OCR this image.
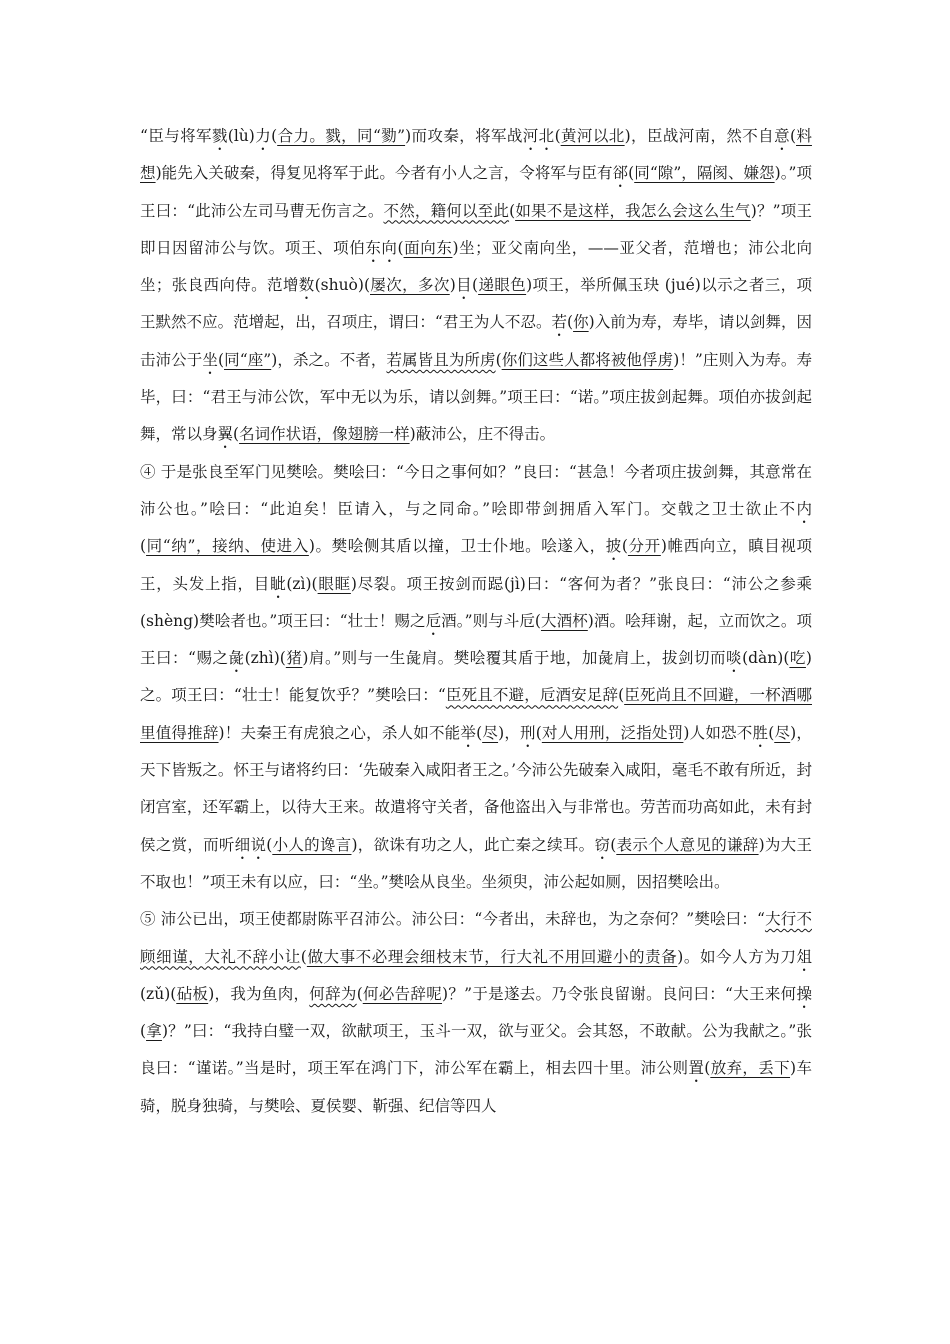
“臣与将军戮(lù)力(合力。戮，同“勠”)而攻秦，将军战河北(黄河以北)，臣战河南，然不自意(料想)能先入关破秦，得复见将军于此。今者有小人之言，令将军与臣有郤(同“隙”，隔阂、嫌怨)。”项王曰：“此沛公左司马曹无伤言之。不然，籍何以至此(如果不是这样，我怎么会这么生气)？”项王即日因留沛公与饮。项王、项伯东向(面向东)坐；亚父南向坐，——亚父者，范增也；沛公北向坐；张良西向侍。范增数(shuò)(屡次，多次)目(递眼色)项王，举所佩玉玦 (jué)以示之者三，项王默然不应。范增起，出，召项庄，谓曰：“君王为人不忍。若(你)入前为寿，寿毕，请以剑舞，因击沛公于坐(同“座”)，杀之。不者，若属皆且为所虏(你们这些人都将被他俘虏)！”庄则入为寿。寿毕，曰：“君王与沛公饮，军中无以为乐，请以剑舞。”项王曰：“诺。”项庄拔剑起舞。项伯亦拔剑起舞，常以身翼(名词作状语，像翅膀一样)蔽沛公，庄不得击。

④ 于是张良至军门见樊哙。樊哙曰：“今日之事何如？”良曰：“甚急！今者项庄拔剑舞，其意常在沛公也。”哙曰：“此迫矣！臣请入，与之同命。”哙即带剑拥盾入军门。交戟之卫士欲止不内(同“纳”，接纳、使进入)。樊哙侧其盾以撞，卫士仆地。哙遂入，披(分开)帷西向立，瞋目视项王，头发上指，目眦(zì)(眼眶)尽裂。项王按剑而跽(jì)曰：“客何为者？”张良曰：“沛公之参乘(shèng)樊哙者也。”项王曰：“壮士！赐之卮酒。”则与斗卮(大酒杯)酒。哙拜谢，起，立而饮之。项王曰：“赐之彘(zhì)(猪)肩。”则与一生彘肩。樊哙覆其盾于地，加彘肩上，拔剑切而啖(dàn)(吃)之。项王曰：“壮士！能复饮乎？”樊哙曰：“臣死且不避，卮酒安足辞(臣死尚且不回避，一杯酒哪里值得推辞)！夫秦王有虎狼之心，杀人如不能举(尽)，刑(对人用刑，泛指处罚)人如恐不胜(尽)，天下皆叛之。怀王与诸将约曰：‘先破秦入咸阳者王之。’今沛公先破秦入咸阳，毫毛不敢有所近，封闭宫室，还军霸上，以待大王来。故遣将守关者，备他盗出入与非常也。劳苦而功高如此，未有封侯之赏，而听细说(小人的谗言)，欲诛有功之人，此亡秦之续耳。窃(表示个人意见的谦辞)为大王不取也！”项王未有以应，曰：“坐。”樊哙从良坐。坐须臾，沛公起如厕，因招樊哙出。

⑤ 沛公已出，项王使都尉陈平召沛公。沛公曰：“今者出，未辞也，为之奈何？”樊哙曰：“大行不顾细谨，大礼不辞小让(做大事不必理会细枝末节，行大礼不用回避小的责备)。如今人方为刀俎(zǔ)(砧板)，我为鱼肉，何辞为(何必告辞呢)？”于是遂去。乃令张良留谢。良问曰：“大王来何操(拿)？”曰：“我持白璧一双，欲献项王，玉斗一双，欲与亚父。会其怒，不敢献。公为我献之。”张良曰：“谨诺。”当是时，项王军在鸿门下，沛公军在霸上，相去四十里。沛公则置(放弃，丢下)车骑，脱身独骑，与樊哙、夏侯婴、靳强、纪信等四人
